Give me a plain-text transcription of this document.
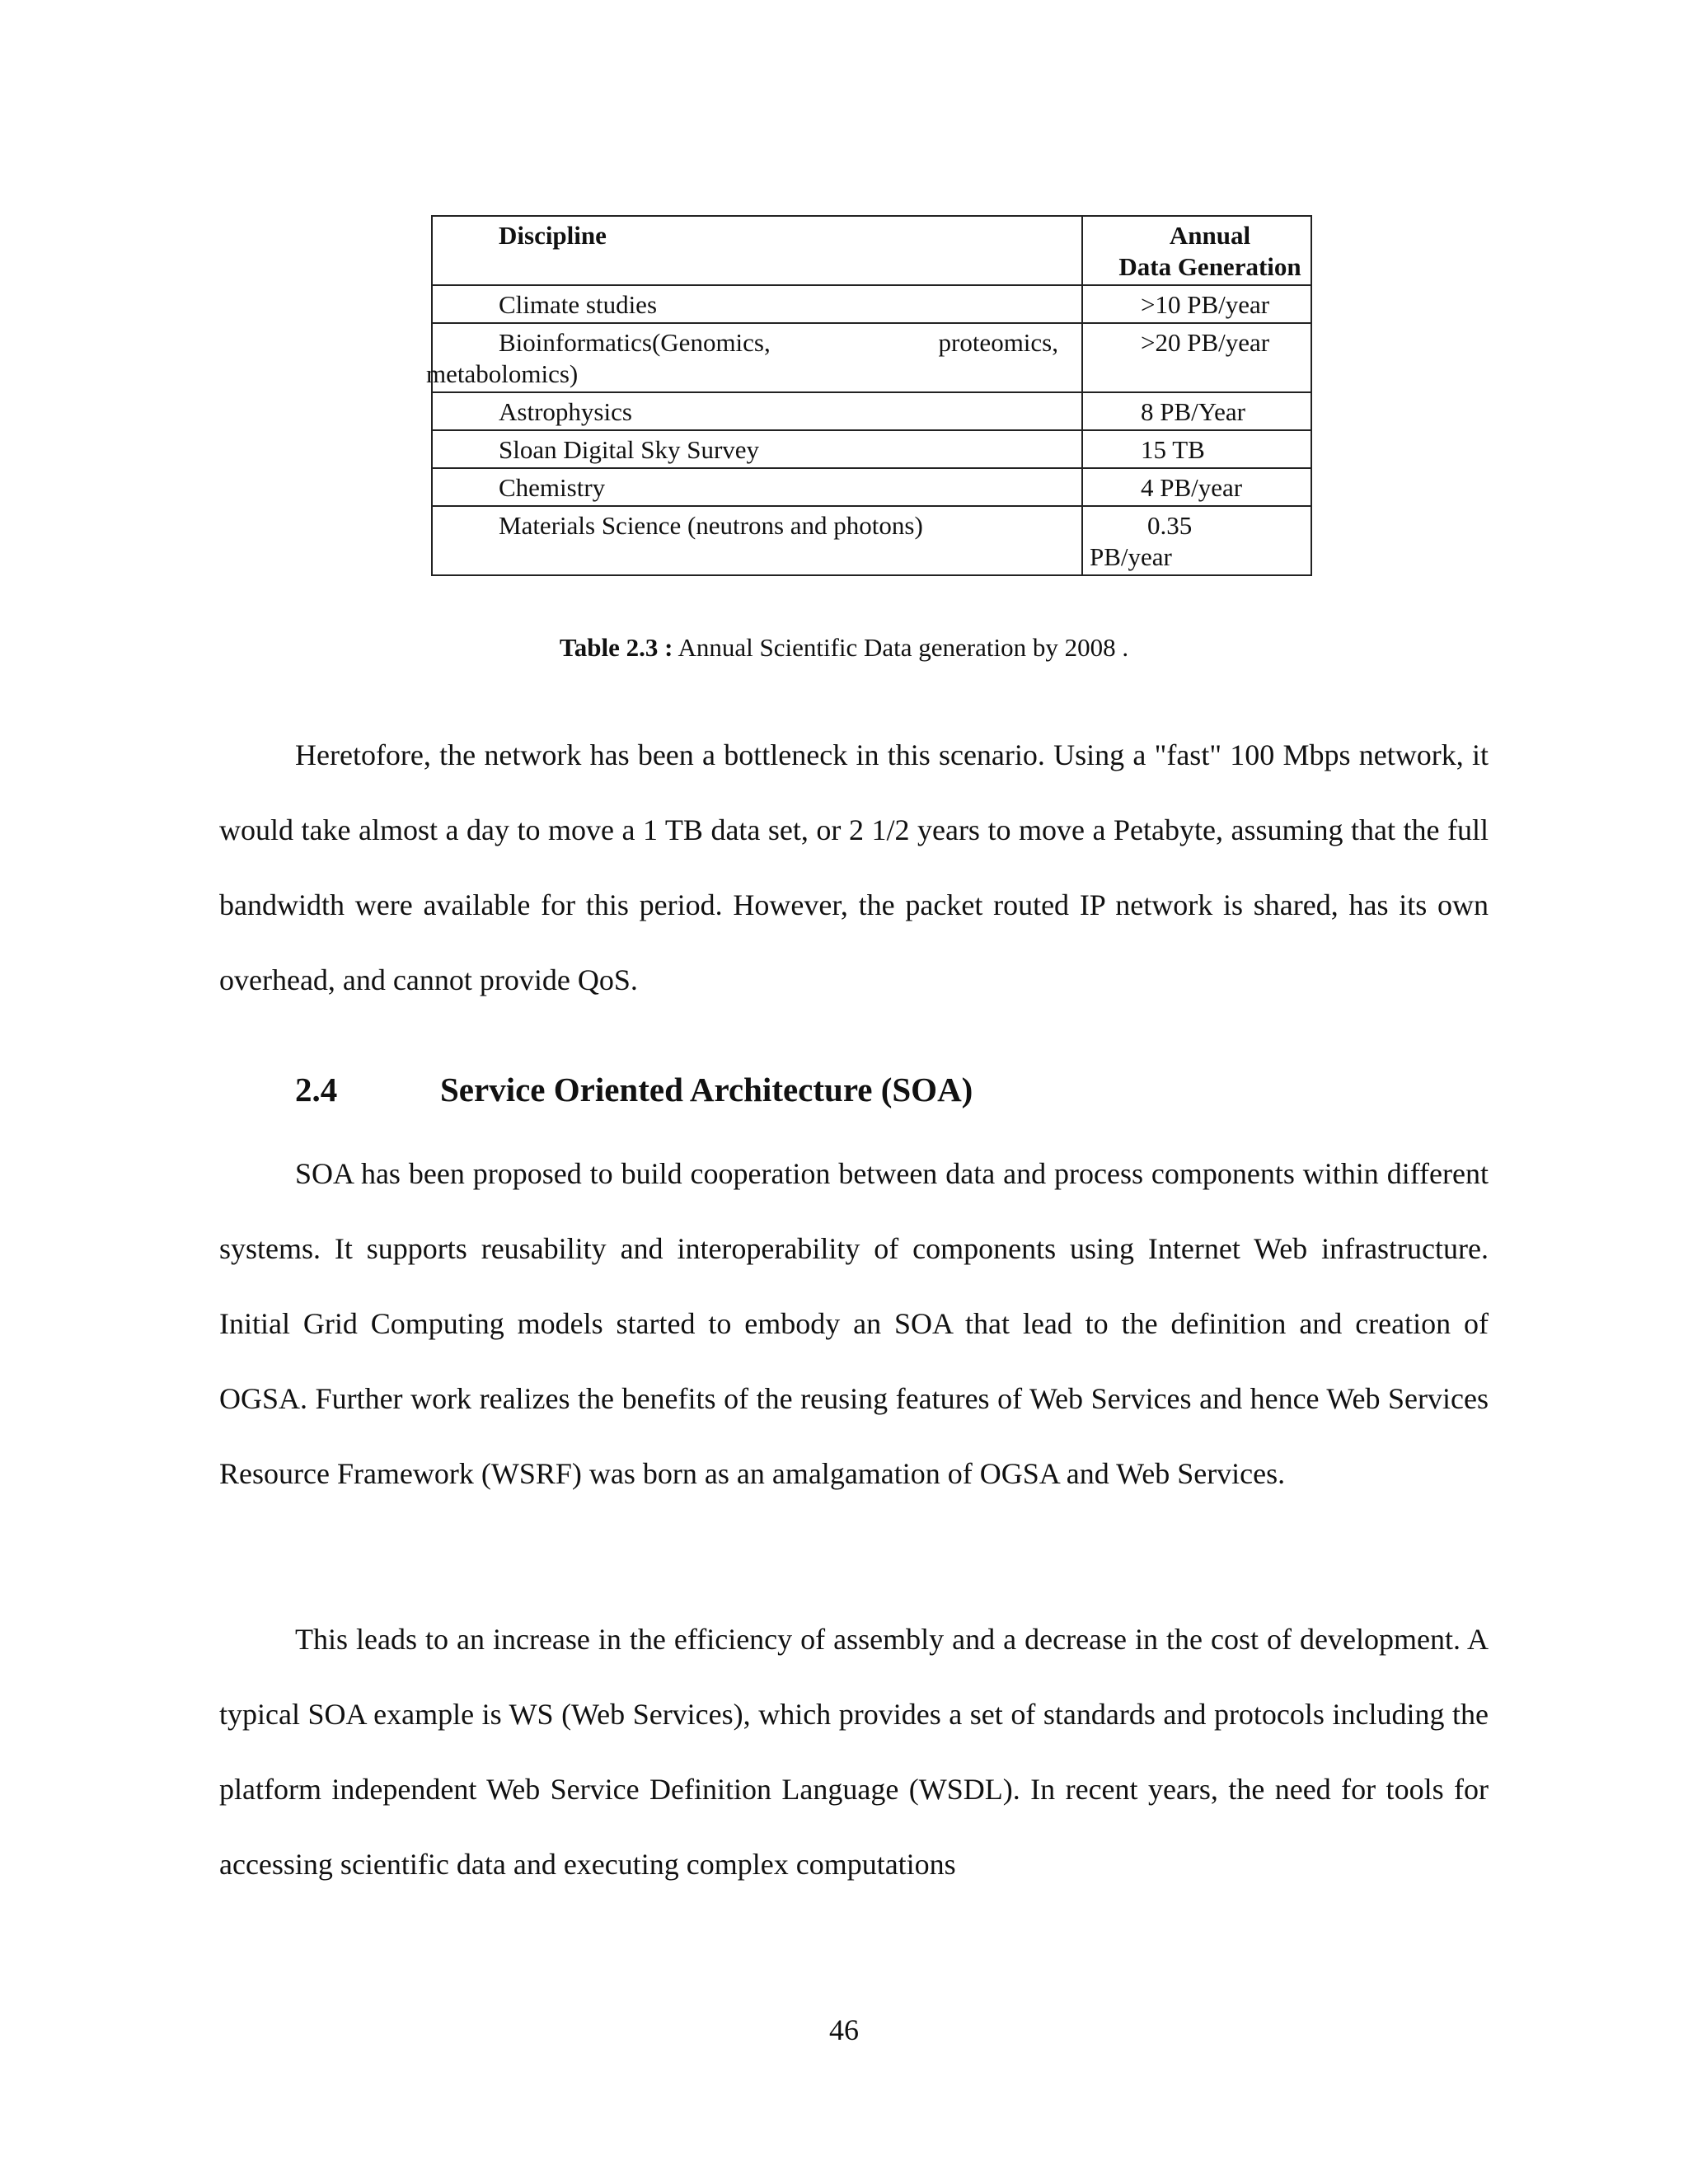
Discipline	Annual
Data Generation
Climate studies	>10 PB/year

Bioinformatics(Genomics, proteomics,
metabolomics)	>20 PB/year
Astrophysics	8 PB/Year
Sloan Digital Sky Survey	15 TB
Chemistry	4 PB/year
Materials Science (neutrons and photons)	0.35
PB/year
Table 2.3 : Annual Scientific Data generation by 2008 .

Heretofore, the network has been a bottleneck in this scenario. Using a "fast" 100 Mbps network, it would take almost a day to move a 1 TB data set, or 2 1/2 years to move a Petabyte, assuming that the full bandwidth were available for this period. However, the packet routed IP network is shared, has its own overhead, and cannot provide QoS.

2.4	Service Oriented Architecture (SOA)

SOA has been proposed to build cooperation between data and process components within different systems. It supports reusability and interoperability of components using Internet Web infrastructure. Initial Grid Computing models started to embody an SOA that lead to the definition and creation of OGSA. Further work realizes the benefits of the reusing features of Web Services and hence Web Services Resource Framework (WSRF) was born as an amalgamation of OGSA and Web Services.

This leads to an increase in the efficiency of assembly and a decrease in the cost of development. A typical SOA example is WS (Web Services), which provides a set of standards and protocols including the platform independent Web Service Definition Language (WSDL). In recent years, the need for tools for accessing scientific data and executing complex computations

46
